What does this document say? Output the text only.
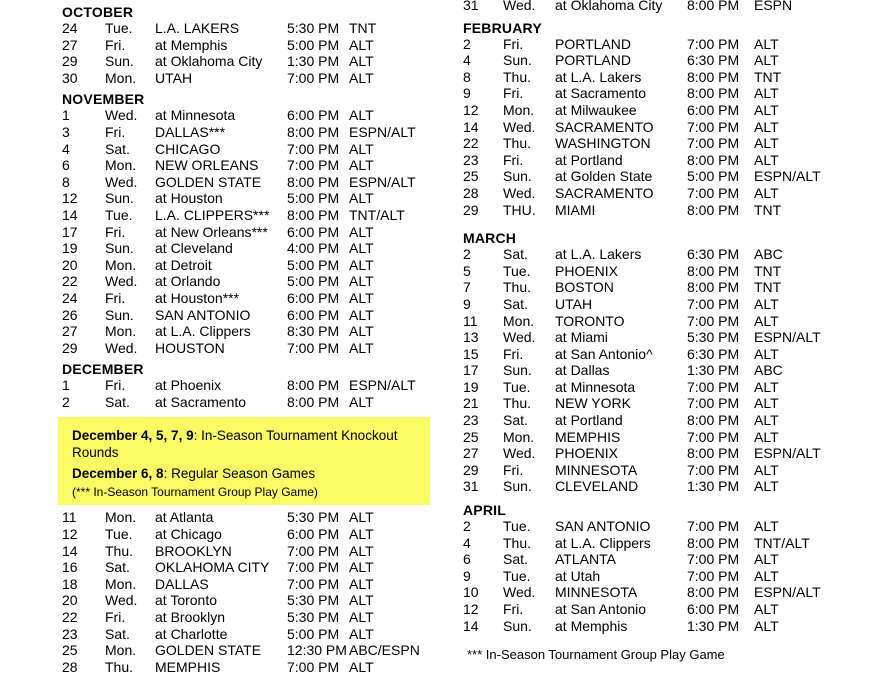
OCTOBER
24	Tue.	L.A. LAKERS	5:30 PM TNT
27	Fri.	at Memphis	5:00 PM ALT
29	Sun.	at Oklahoma City	1:30 PM ALT
30	Mon.	UTAH	7:00 PM ALT
NOVEMBER
1	Wed.	at Minnesota	6:00 PM ALT
3	Fri.	DALLAS***	8:00 PM ESPN/ALT
4	Sat.	CHICAGO	7:00 PM ALT
6	Mon.	NEW ORLEANS	7:00 PM ALT
8	Wed.	GOLDEN STATE	8:00 PM ESPN/ALT
12	Sun.	at Houston	5:00 PM ALT
14	Tue.	L.A. CLIPPERS***	8:00 PM TNT/ALT
17	Fri.	at New Orleans***	6:00 PM ALT
19	Sun.	at Cleveland	4:00 PM ALT
20	Mon.	at Detroit	5:00 PM ALT
22	Wed.	at Orlando	5:00 PM ALT
24	Fri.	at Houston***	6:00 PM ALT
26	Sun.	SAN ANTONIO	6:00 PM ALT
27	Mon.	at L.A. Clippers	8:30 PM ALT
29	Wed.	HOUSTON	7:00 PM ALT
DECEMBER
1	Fri.	at Phoenix	8:00 PM ESPN/ALT
2	Sat.	at Sacramento	8:00 PM ALT
December 4, 5, 7, 9: In-Season Tournament Knockout
Rounds
December 6, 8: Regular Season Games
(*** In-Season Tournament Group Play Game)
11	Mon.	at Atlanta	5:30 PM ALT
12	Tue.	at Chicago	6:00 PM ALT
14	Thu.	BROOKLYN	7:00 PM ALT
16	Sat.	OKLAHOMA CITY	7:00 PM ALT
18	Mon.	DALLAS	7:00 PM ALT
20	Wed.	at Toronto	5:30 PM ALT
22	Fri.	at Brooklyn	5:30 PM ALT
23	Sat.	at Charlotte	5:00 PM ALT
25	Mon.	GOLDEN STATE	12:30 PM ABC/ESPN
28	Thu.	MEMPHIS	7:00 PM ALT
31	Wed.	at Oklahoma City	8:00 PM	ESPN
FEBRUARY
2	Fri.	PORTLAND	7:00 PM	ALT
4	Sun.	PORTLAND	6:30 PM	ALT
8	Thu.	at L.A. Lakers	8:00 PM	TNT
9	Fri.	at Sacramento	8:00 PM	ALT
12	Mon.	at Milwaukee	6:00 PM	ALT
14	Wed.	SACRAMENTO	7:00 PM	ALT
22	Thu.	WASHINGTON	7:00 PM	ALT
23	Fri.	at Portland	8:00 PM	ALT
25	Sun.	at Golden State	5:00 PM	ESPN/ALT
28	Wed.	SACRAMENTO	7:00 PM	ALT
29	THU.	MIAMI	8:00 PM	TNT
MARCH
2	Sat.	at L.A. Lakers	6:30 PM	ABC
5	Tue.	PHOENIX	8:00 PM	TNT
7	Thu.	BOSTON	8:00 PM	TNT
9	Sat.	UTAH	7:00 PM	ALT
11	Mon.	TORONTO	7:00 PM	ALT
13	Wed.	at Miami	5:30 PM	ESPN/ALT
15	Fri.	at San Antonio^	6:30 PM	ALT
17	Sun.	at Dallas	1:30 PM	ABC
19	Tue.	at Minnesota	7:00 PM	ALT
21	Thu.	NEW YORK	7:00 PM	ALT
23	Sat.	at Portland	8:00 PM	ALT
25	Mon.	MEMPHIS	7:00 PM	ALT
27	Wed.	PHOENIX	8:00 PM	ESPN/ALT
29	Fri.	MINNESOTA	7:00 PM	ALT
31	Sun.	CLEVELAND	1:30 PM	ALT
APRIL
2	Tue.	SAN ANTONIO	7:00 PM	ALT
4	Thu.	at L.A. Clippers	8:00 PM	TNT/ALT
6	Sat.	ATLANTA	7:00 PM	ALT
9	Tue.	at Utah	7:00 PM	ALT
10	Wed.	MINNESOTA	8:00 PM	ESPN/ALT
12	Fri.	at San Antonio	6:00 PM	ALT
14	Sun.	at Memphis	1:30 PM	ALT
*** In-Season Tournament Group Play Game
